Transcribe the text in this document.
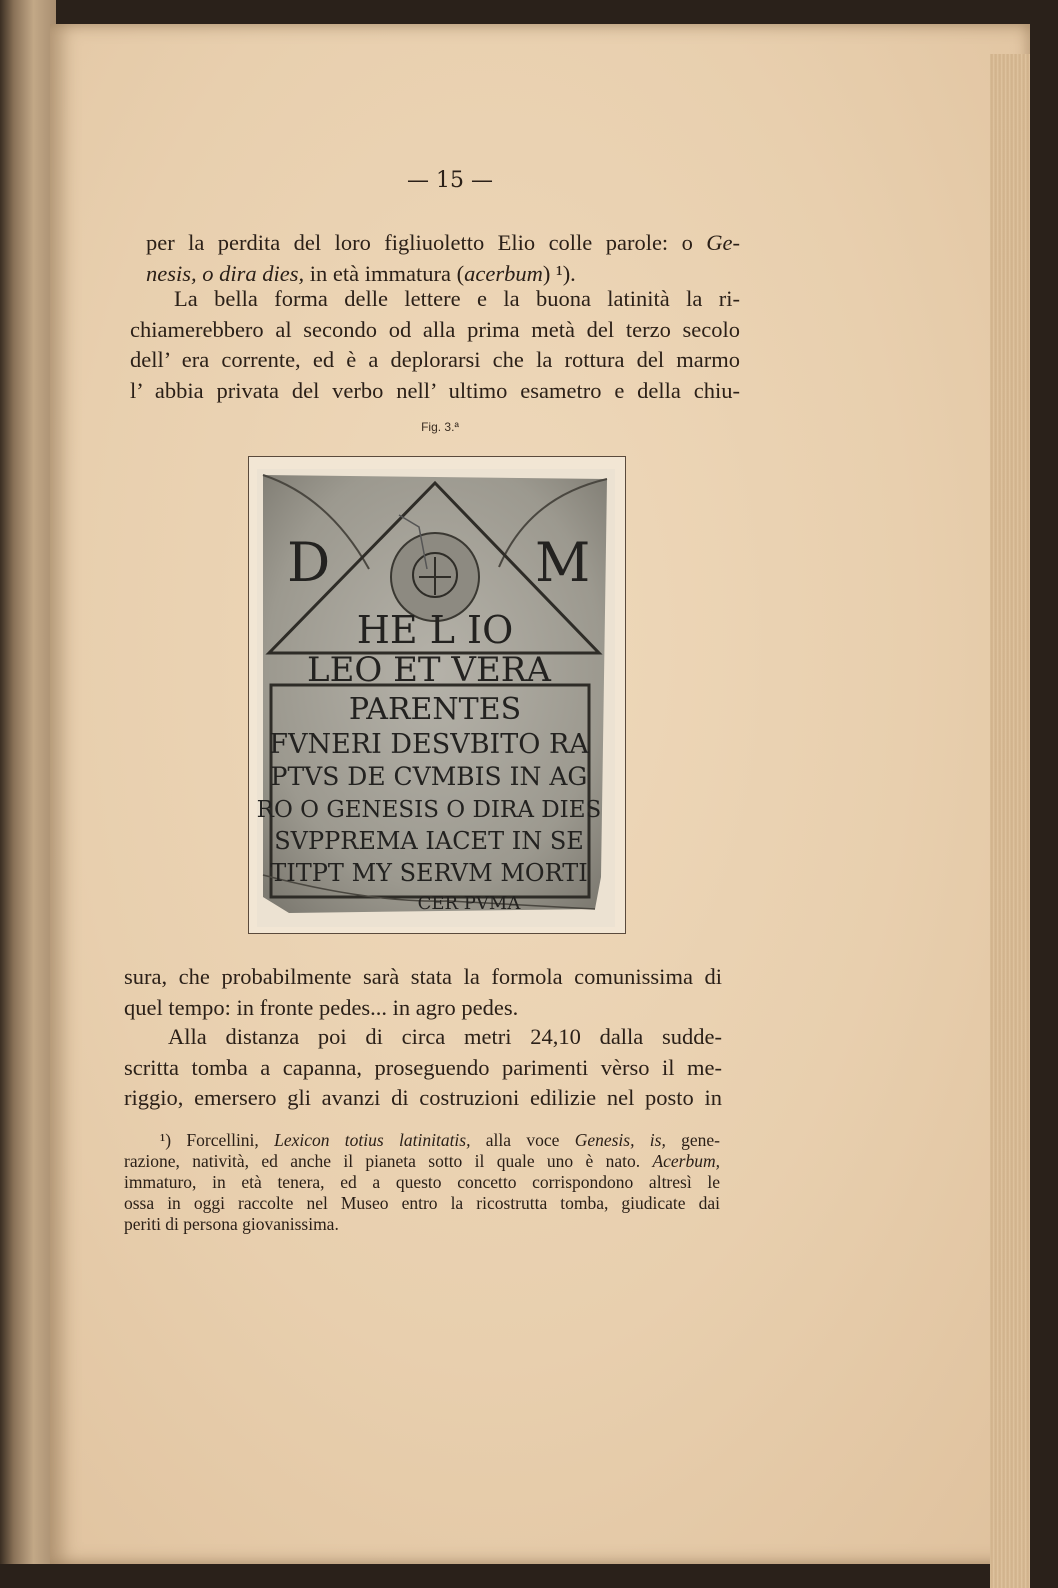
— 15 —
per la perdita del loro figliuoletto Elio colle parole: o Ge-
nesis, o dira dies, in età immatura (acerbum) ¹).
La bella forma delle lettere e la buona latinità la ri-
chiamerebbero al secondo od alla prima metà del terzo secolo
dell’ era corrente, ed è a deplorarsi che la rottura del marmo
l’ abbia privata del verbo nell’ ultimo esametro e della chiu-
Fig. 3.ª
D	M
HE L IO
LEO ET VERA
PARENTES
FVNERI DESVBITO RA
PTVS DE CVMBIS IN AG
RO O GENESIS O DIRA DIES
SVPPREMA IACET IN SE
TITPT MY SERVM MORTI
CER PVMA
sura, che probabilmente sarà stata la formola comunissima di
quel tempo: in fronte pedes... in agro pedes.
Alla distanza poi di circa metri 24,10 dalla sudde-
scritta tomba a capanna, proseguendo parimenti vèrso il me-
riggio, emersero gli avanzi di costruzioni edilizie nel posto in
¹) Forcellini, Lexicon totius latinitatis, alla voce Genesis, is, gene-
razione, natività, ed anche il pianeta sotto il quale uno è nato. Acerbum,
immaturo, in età tenera, ed a questo concetto corrispondono altresì le
ossa in oggi raccolte nel Museo entro la ricostrutta tomba, giudicate dai
periti di persona giovanissima.
